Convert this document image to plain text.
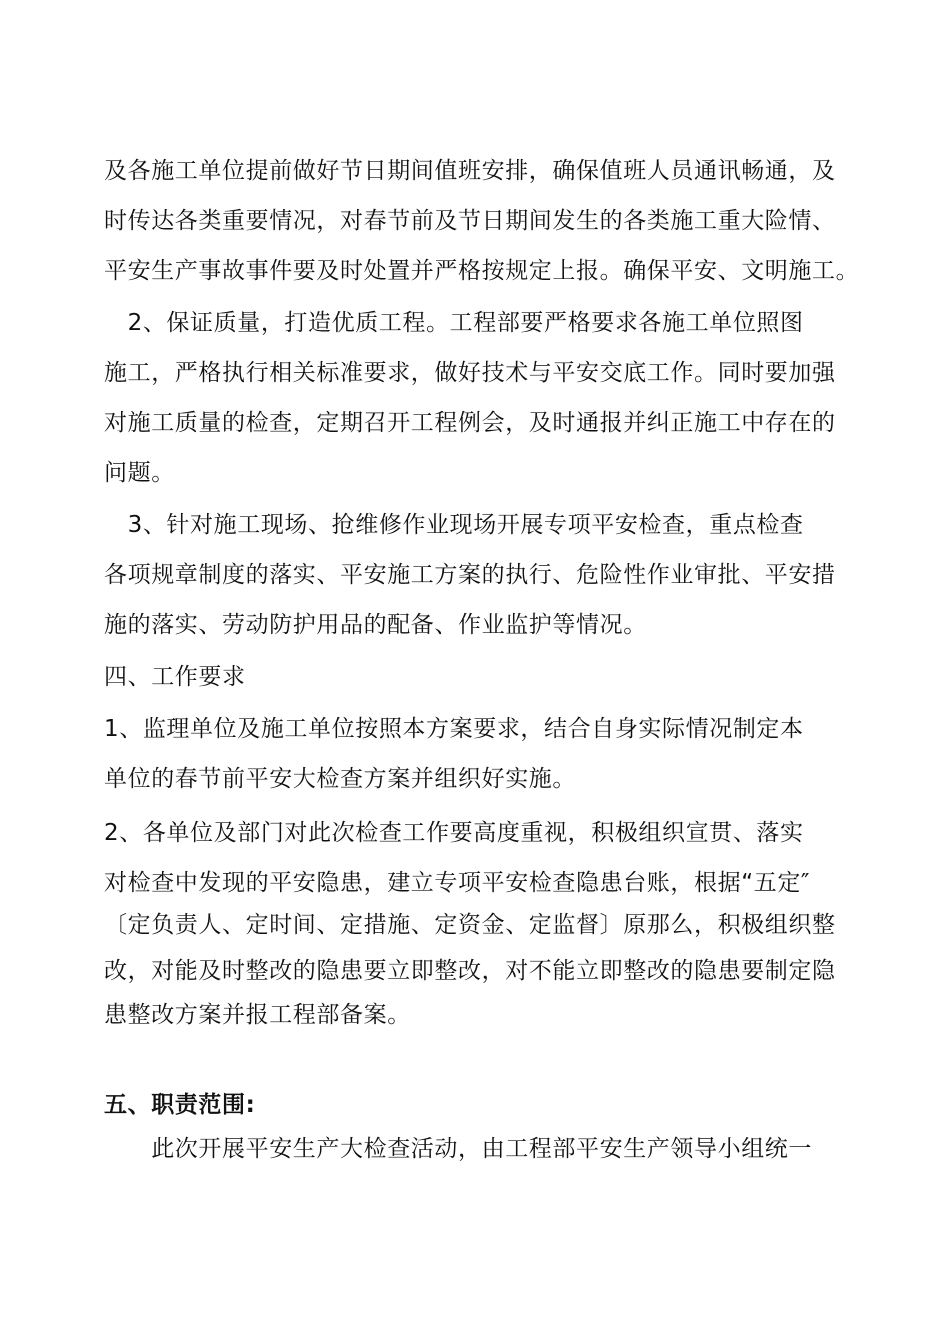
及各施工单位提前做好节日期间值班安排，确保值班人员通讯畅通，及
时传达各类重要情况，对春节前及节日期间发生的各类施工重大险情、
平安生产事故事件要及时处置并严格按规定上报。确保平安、文明施工。
　2、保证质量，打造优质工程。工程部要严格要求各施工单位照图
施工，严格执行相关标准要求，做好技术与平安交底工作。同时要加强
对施工质量的检查，定期召开工程例会，及时通报并纠正施工中存在的
问题。
　3、针对施工现场、抢维修作业现场开展专项平安检查，重点检查
各项规章制度的落实、平安施工方案的执行、危险性作业审批、平安措
施的落实、劳动防护用品的配备、作业监护等情况。
四、工作要求
1、监理单位及施工单位按照本方案要求，结合自身实际情况制定本
单位的春节前平安大检查方案并组织好实施。
2、各单位及部门对此次检查工作要高度重视，积极组织宣贯、落实
对检查中发现的平安隐患，建立专项平安检查隐患台账，根据“五定″
〔定负责人、定时间、定措施、定资金、定监督〕原那么，积极组织整
改，对能及时整改的隐患要立即整改，对不能立即整改的隐患要制定隐
患整改方案并报工程部备案。
五、职责范围:
　　此次开展平安生产大检查活动，由工程部平安生产领导小组统一
